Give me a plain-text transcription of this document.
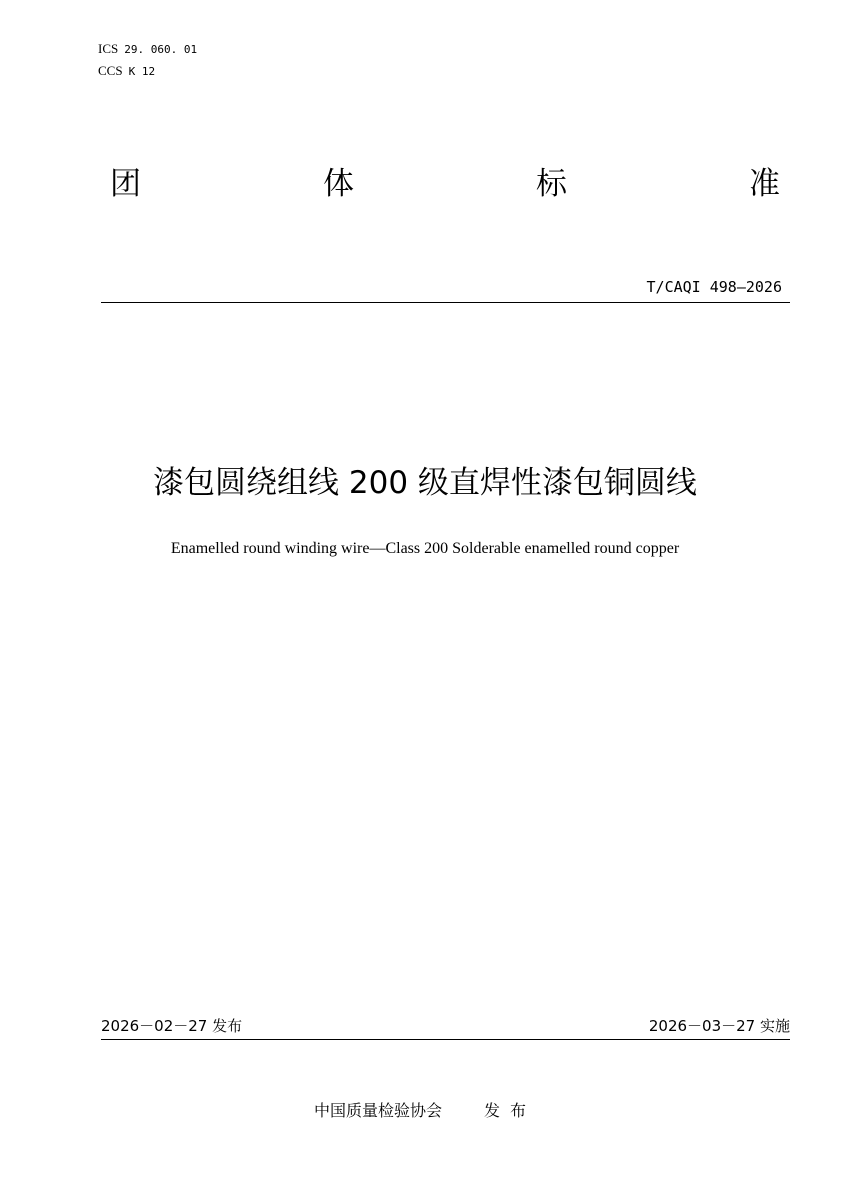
ICS 29. 060. 01
CCS K 12
团	体	标	准
T/CAQI 498—2026
漆包圆绕组线 200 级直焊性漆包铜圆线
Enamelled round winding wire—Class 200 Solderable enamelled round copper
2026－02－27 发布	2026－03－27 实施
中国质量检验协会	发布
